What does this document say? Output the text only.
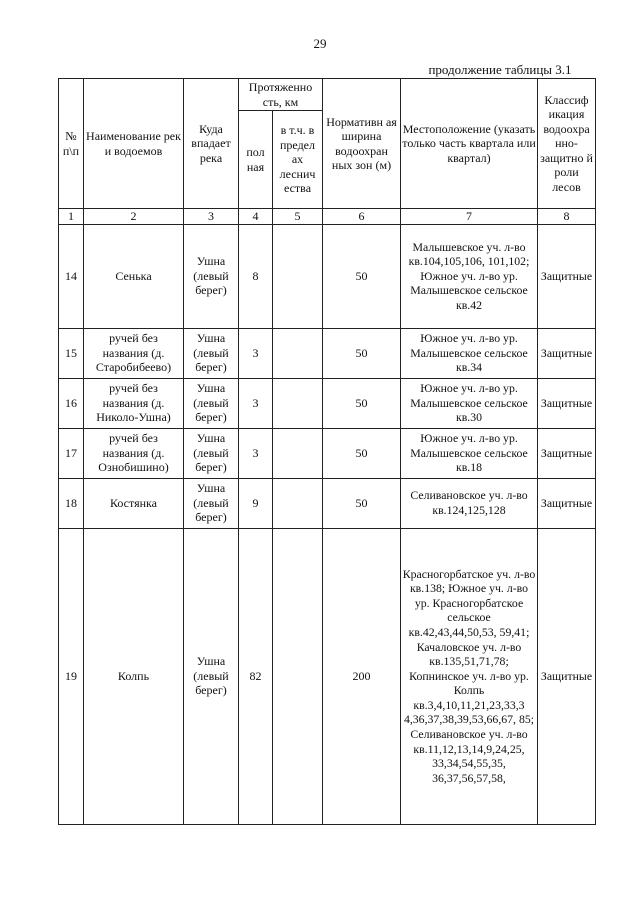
29
продолжение таблицы 3.1
№ п\п	Наименование рек и водоемов	Куда впадает река	Протяженно сть, км		Нормативн ая ширина водоохран ных зон (м)	Местоположение (указать только часть квартала или квартал)	Классиф икация водоохра нно-защитно й роли лесов
			пол ная	в т.ч. в предел ах леснич ества			
1	2	3	4	5	6	7	8
14	Сенька	Ушна (левый берег)	8		50	Малышевское уч. л-во кв.104,105,106, 101,102; Южное уч. л-во ур. Малышевское сельское кв.42	Защитные
15	ручей без названия (д. Старобибеево)	Ушна (левый берег)	3		50	Южное уч. л-во ур. Малышевское сельское кв.34	Защитные
16	ручей без названия (д. Николо-Ушна)	Ушна (левый берег)	3		50	Южное уч. л-во ур. Малышевское сельское кв.30	Защитные
17	ручей без названия (д. Ознобишино)	Ушна (левый берег)	3		50	Южное уч. л-во ур. Малышевское сельское кв.18	Защитные
18	Костянка	Ушна (левый берег)	9		50	Селивановское уч. л-во кв.124,125,128	Защитные
19	Колпь	Ушна (левый берег)	82		200	Красногорбатское уч. л-во кв.138; Южное уч. л-во ур. Красногорбатское сельское кв.42,43,44,50,53, 59,41; Качаловское уч. л-во кв.135,51,71,78; Копнинское уч. л-во ур. Колпь кв.3,4,10,11,21,23,33,3 4,36,37,38,39,53,66,67, 85; Селивановское уч. л-во кв.11,12,13,14,9,24,25, 33,34,54,55,35, 36,37,56,57,58,	Защитные
